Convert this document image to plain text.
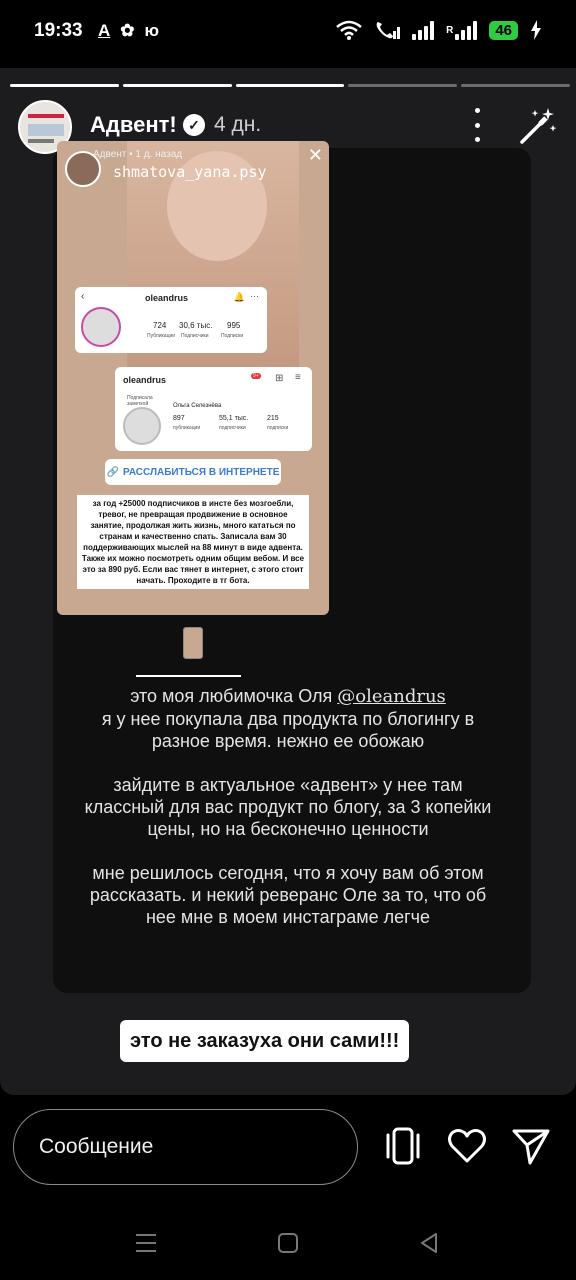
19:33 A ✿ ю	R	46
Адвент! ✓ 4 дн.
Адвент • 1 д. назад
shmatova_yana.psy
✕
‹	oleandrus	🔔 ⋯
724
Публикации
30,6 тыс.
Подписчики
995
Подписки
oleandrus	9+ ⊞ ≡
Подписала заметкой	Ольга Селезнёва
897
публикации
55,1 тыс.
подписчики
215
подписки
🔗 РАССЛАБИТЬСЯ В ИНТЕРНЕТЕ
за год +25000 подписчиков в инсте без мозгоебли, тревог, не превращая продвижение в основное занятие, продолжая жить жизнь, много кататься по странам и качественно спать. Записала вам 30 поддерживающих мыслей на 88 минут в виде адвента. Также их можно посмотреть одним общим вебом. И все это за 890 руб. Если вас тянет в интернет, с этого стоит начать. Проходите в тг бота.

это моя любимочка Оля @oleandrus
я у нее покупала два продукта по блогингу в разное время. нежно ее обожаю

зайдите в актуальное «адвент» у нее там классный для вас продукт по блогу, за 3 копейки цены, но на бесконечно ценности

мне решилось сегодня, что я хочу вам об этом рассказать. и некий реверанс Оле за то, что об нее мне в моем инстаграме легче

это не заказуха они сами!!!
Сообщение
